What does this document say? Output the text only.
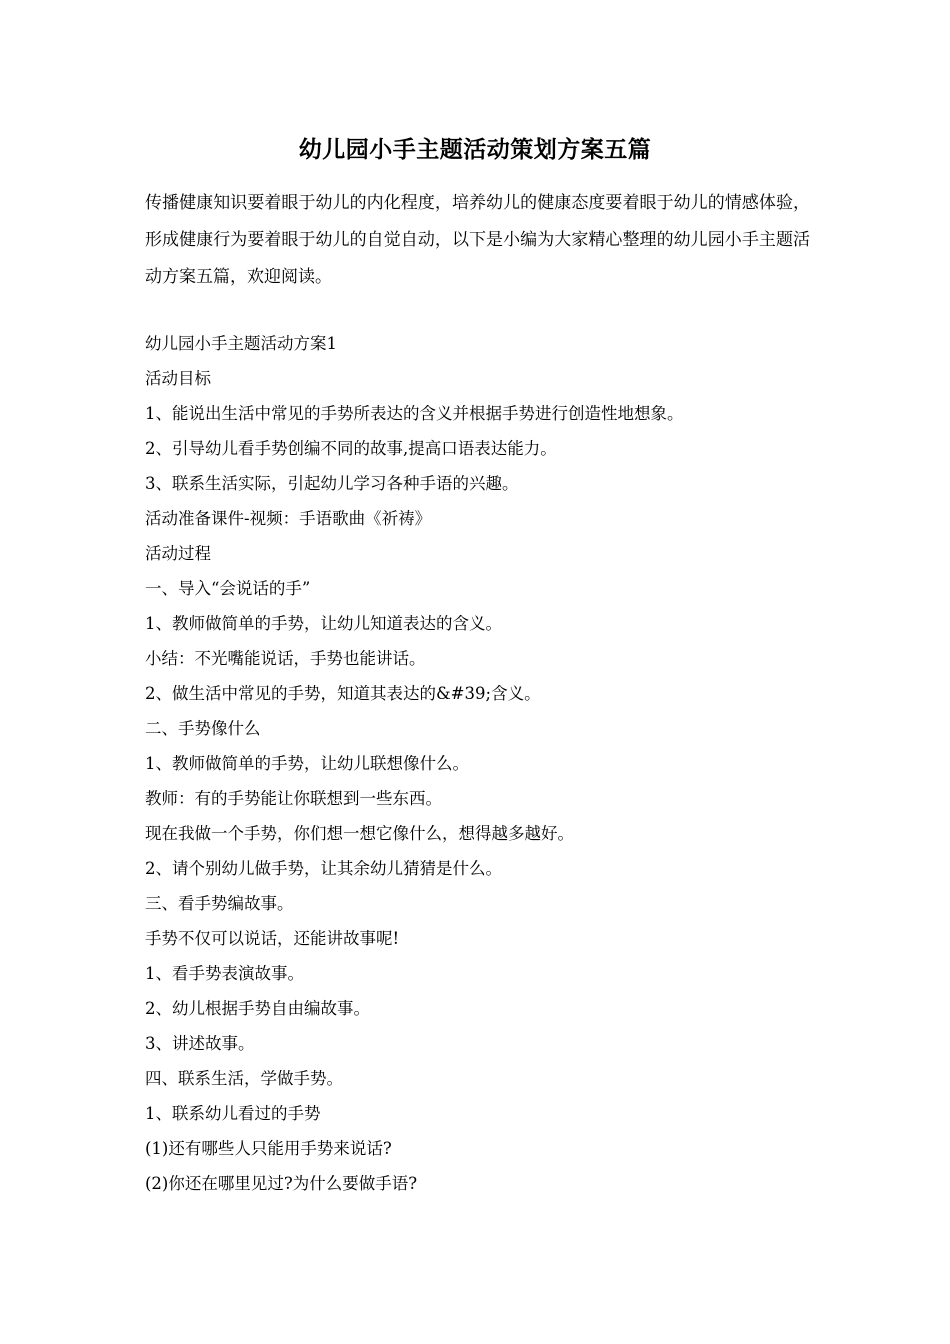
幼儿园小手主题活动策划方案五篇
传播健康知识要着眼于幼儿的内化程度，培养幼儿的健康态度要着眼于幼儿的情感体验，形成健康行为要着眼于幼儿的自觉自动，以下是小编为大家精心整理的幼儿园小手主题活动方案五篇，欢迎阅读。
幼儿园小手主题活动方案1
活动目标
1、能说出生活中常见的手势所表达的含义并根据手势进行创造性地想象。
2、引导幼儿看手势创编不同的故事,提高口语表达能力。
3、联系生活实际，引起幼儿学习各种手语的兴趣。
活动准备课件-视频：手语歌曲《祈祷》
活动过程
一、导入“会说话的手”
1、教师做简单的手势，让幼儿知道表达的含义。
小结：不光嘴能说话，手势也能讲话。
2、做生活中常见的手势，知道其表达的&#39;含义。
二、手势像什么
1、教师做简单的手势，让幼儿联想像什么。
教师：有的手势能让你联想到一些东西。
现在我做一个手势，你们想一想它像什么，想得越多越好。
2、请个别幼儿做手势，让其余幼儿猜猜是什么。
三、看手势编故事。
手势不仅可以说话，还能讲故事呢!
1、看手势表演故事。
2、幼儿根据手势自由编故事。
3、讲述故事。
四、联系生活，学做手势。
1、联系幼儿看过的手势
(1)还有哪些人只能用手势来说话?
(2)你还在哪里见过?为什么要做手语?
